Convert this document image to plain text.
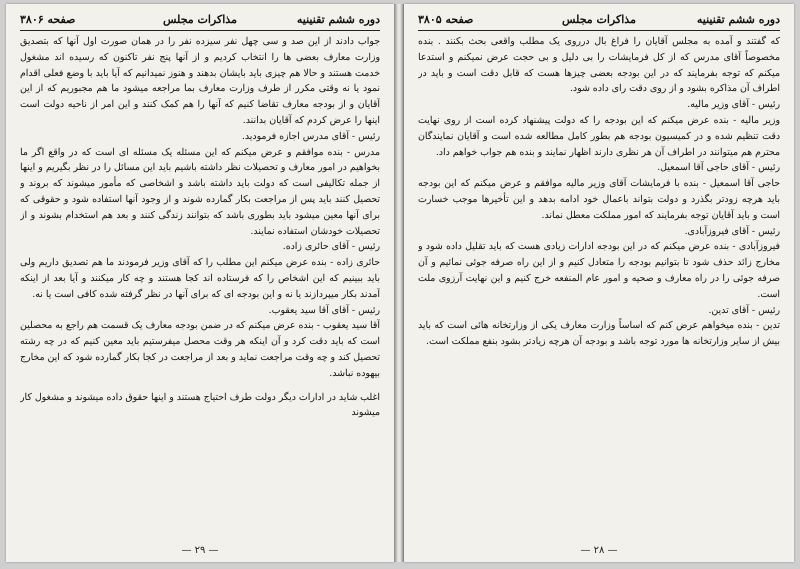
دوره ششم تقنینیه
مذاکرات مجلس
صفحه ۳۸۰۶

جواب دادند از این صد و سی چهل نفر سیزده نفر را در همان صورت اول آنها که بتصدیق وزارت معارف بعضی ها را انتخاب کردیم و از آنها پنج نفر تاکنون که رسیده اند مشغول خدمت هستند و حالا هم چیزی باید بایشان بدهند و هنوز نمیدانیم که آیا باید با وضع فعلی اقدام نمود یا نه وقتی مکرر از طرف وزارت معارف بما مراجعه میشود ما هم مجبوریم که از این آقایان و از بودجه معارف تقاضا کنیم که آنها را هم کمک کنند و این امر از ناحیه دولت است اینها را عرض کردم که آقایان بدانند.

رئیس - آقای مدرس اجازه فرمودید.

مدرس - بنده موافقم و عرض میکنم که این مسئله یک مسئله ای است که در واقع اگر ما بخواهیم در امور معارف و تحصیلات نظر داشته باشیم باید این مسائل را در نظر بگیریم و اینها از جمله تکالیفی است که دولت باید داشته باشد و اشخاصی که مأمور میشوند که بروند و تحصیل کنند باید پس از مراجعت بکار گمارده شوند و از وجود آنها استفاده شود و حقوقی که برای آنها معین میشود باید بطوری باشد که بتوانند زندگی کنند و بعد هم استخدام بشوند و از تحصیلات خودشان استفاده نمایند.

رئیس - آقای حائری زاده.

حائری زاده - بنده عرض میکنم این مطلب را که آقای وزیر فرمودند ما هم تصدیق داریم ولی باید ببینیم که این اشخاص را که فرستاده اند کجا هستند و چه کار میکنند و آیا بعد از اینکه آمدند بکار میپردازند یا نه و این بودجه ای که برای آنها در نظر گرفته شده کافی است یا نه.

رئیس - آقای آقا سید یعقوب.

آقا سید یعقوب - بنده عرض میکنم که در ضمن بودجه معارف یک قسمت هم راجع به محصلین است که باید دقت کرد و آن اینکه هر وقت محصل میفرستیم باید معین کنیم که در چه رشته تحصیل کند و چه وقت مراجعت نماید و بعد از مراجعت در کجا بکار گمارده شود که این مخارج بیهوده نباشد.

اغلب شاید در ادارات دیگر دولت طرف احتیاج هستند و اینها حقوق داده میشوند و مشغول کار میشوند

— ۲۹ —
دوره ششم تقنینیه
مذاکرات مجلس
صفحه ۳۸۰۵

که گفتند و آمده به مجلس آقایان را فراغ بال درروی یک مطلب واقعی بحث بکنند . بنده مخصوصاً آقای مدرس که از کل فرمایشات را بی دلیل و بی حجت عرض نمیکنم و استدعا میکنم که توجه بفرمایند که در این بودجه بعضی چیزها هست که قابل دقت است و باید در اطراف آن مذاکره بشود و از روی دقت رای داده شود.

رئیس - آقای وزیر مالیه.

وزیر مالیه - بنده عرض میکنم که این بودجه را که دولت پیشنهاد کرده است از روی نهایت دقت تنظیم شده و در کمیسیون بودجه هم بطور کامل مطالعه شده است و آقایان نمایندگان محترم هم میتوانند در اطراف آن هر نظری دارند اظهار نمایند و بنده هم جواب خواهم داد.

رئیس - آقای حاجی آقا اسمعیل.

حاجی آقا اسمعیل - بنده با فرمایشات آقای وزیر مالیه موافقم و عرض میکنم که این بودجه باید هرچه زودتر بگذرد و دولت بتواند باعمال خود ادامه بدهد و این تأخیرها موجب خسارت است و باید آقایان توجه بفرمایند که امور مملکت معطل نماند.

رئیس - آقای فیروزآبادی.

فیروزآبادی - بنده عرض میکنم که در این بودجه ادارات زیادی هست که باید تقلیل داده شود و مخارج زائد حذف شود تا بتوانیم بودجه را متعادل کنیم و از این راه صرفه جوئی نمائیم و آن صرفه جوئی را در راه معارف و صحیه و امور عام المنفعه خرج کنیم و این نهایت آرزوی ملت است.

رئیس - آقای تدین.

تدین - بنده میخواهم عرض کنم که اساساً وزارت معارف یکی از وزارتخانه هائی است که باید بیش از سایر وزارتخانه ها مورد توجه باشد و بودجه آن هرچه زیادتر بشود بنفع مملکت است.

— ۲۸ —
